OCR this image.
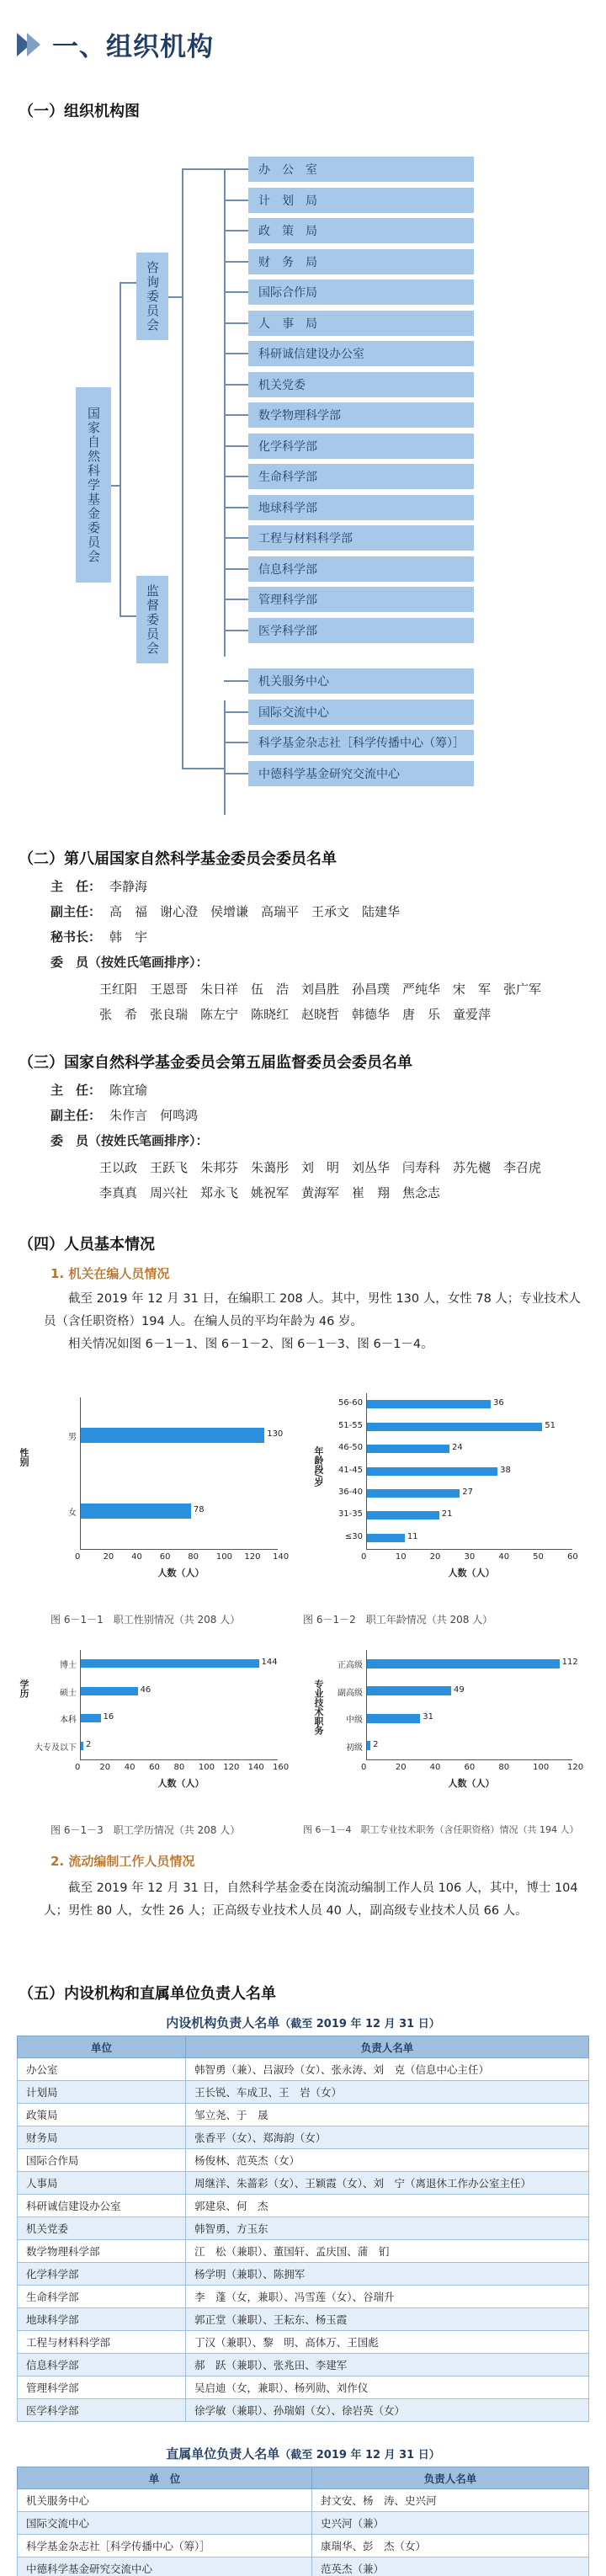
一、组织机构
（一）组织机构图
国家自然科学基金委员会
咨询委员会
监督委员会
办　公　室
计　划　局
政　策　局
财　务　局
国际合作局
人　事　局
科研诚信建设办公室
机关党委
数学物理科学部
化学科学部
生命科学部
地球科学部
工程与材料科学部
信息科学部
管理科学部
医学科学部
机关服务中心
国际交流中心
科学基金杂志社［科学传播中心（筹）］
中德科学基金研究交流中心
（二）第八届国家自然科学基金委员会委员名单
主　任： 李静海
副主任： 高　福　谢心澄　侯增谦　高瑞平　王承文　陆建华
秘书长： 韩　宇
委　员（按姓氏笔画排序）：
王红阳　王恩哥　朱日祥　伍　浩　刘昌胜　孙昌璞　严纯华　宋　军　张广军
张　希　张良瑞　陈左宁　陈晓红　赵晓哲　韩德华　唐　乐　童爱萍
（三）国家自然科学基金委员会第五届监督委员会委员名单
主　任： 陈宜瑜
副主任： 朱作言　何鸣鸿
委　员（按姓氏笔画排序）：
王以政　王跃飞　朱邦芬　朱蔼彤　刘　明　刘丛华　闫寿科　苏先樾　李召虎
李真真　周兴社　郑永飞　姚祝军　黄海军　崔　翔　焦念志
（四）人员基本情况
1. 机关在编人员情况
截至 2019 年 12 月 31 日，在编职工 208 人。其中，男性 130 人，女性 78 人；专业技术人员（含任职资格）194 人。在编人员的平均年龄为 46 岁。
相关情况如图 6－1－1、图 6－1－2、图 6－1－3、图 6－1－4。
男	130
女	78
0	20 40 60 80 100 120 140
人数（人）
性别
图 6－1－1　职工性别情况（共 208 人）
56-60	36
51-55	51
46-50	24
41-45	38
36-40	27
31-35	21
≤30	11
0	10	20	30	40	50	60
人数（人）
年龄段/岁
图 6－1－2　职工年龄情况（共 208 人）
博士	144
硕士	46
本科	16
大专及以下 2
0 20 40 60 80 100 120 140 160
人数（人）
学历
图 6－1－3　职工学历情况（共 208 人）
正高级	112
副高级	49
中级	31
初级 2
0	20	40	60	80	100 120
人数（人）
专业技术职务
图 6－1－4　职工专业技术职务（含任职资格）情况（共 194 人）
2. 流动编制工作人员情况
截至 2019 年 12 月 31 日，自然科学基金委在岗流动编制工作人员 106 人，其中，博士 104 人；男性 80 人，女性 26 人；正高级专业技术人员 40 人，副高级专业技术人员 66 人。
（五）内设机构和直属单位负责人名单
内设机构负责人名单（截至 2019 年 12 月 31 日）
单位	负责人名单
办公室	韩智勇（兼）、吕淑玲（女）、张永涛、刘　克（信息中心主任）
计划局	王长锐、车成卫、王　岩（女）
政策局	邹立尧、于　晟
财务局	张香平（女）、郑海韵（女）
国际合作局	杨俊林、范英杰（女）
人事局	周继洋、朱蔷彩（女）、王颖霞（女）、刘　宁（离退休工作办公室主任）
科研诚信建设办公室	郭建泉、何　杰
机关党委	韩智勇、方玉东
数学物理科学部	江　松（兼职）、董国轩、孟庆国、蒲　钔
化学科学部	杨学明（兼职）、陈拥军
生命科学部	李　蓬（女，兼职）、冯雪莲（女）、谷瑞升
地球科学部	郭正堂（兼职）、王耘东、杨玉霞
工程与材料科学部	丁汉（兼职）、黎　明、高体万、王国彪
信息科学部	郝　跃（兼职）、张兆田、李建军
管理科学部	吴启迪（女，兼职）、杨列勋、刘作仪
医学科学部	徐学敏（兼职）、孙瑞娟（女）、徐岩英（女）
直属单位负责人名单（截至 2019 年 12 月 31 日）
单　位	负责人名单
机关服务中心	封文安、杨　涛、史兴河
国际交流中心	史兴河（兼）
科学基金杂志社［科学传播中心（筹）］	康瑞华、彭　杰（女）
中德科学基金研究交流中心	范英杰（兼）
